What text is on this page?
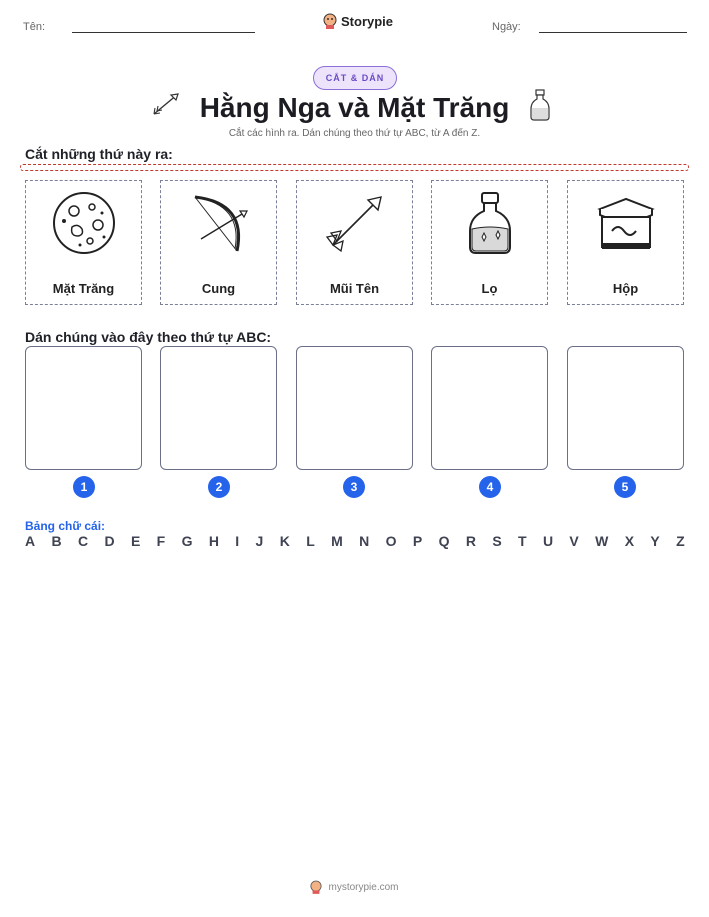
Tên:	Storypie	Ngày:
CẮT & DÁN
Hằng Nga và Mặt Trăng
Cắt các hình ra. Dán chúng theo thứ tự ABC, từ A đến Z.
Cắt những thứ này ra:
Mặt Trăng	Cung	Mũi Tên	Lọ	Hộp
Dán chúng vào đây theo thứ tự ABC:
1	2	3	4	5
Bảng chữ cái:
A B C D E F G H I J K L M N O P Q R S T U V W X Y Z
mystorypie.com
